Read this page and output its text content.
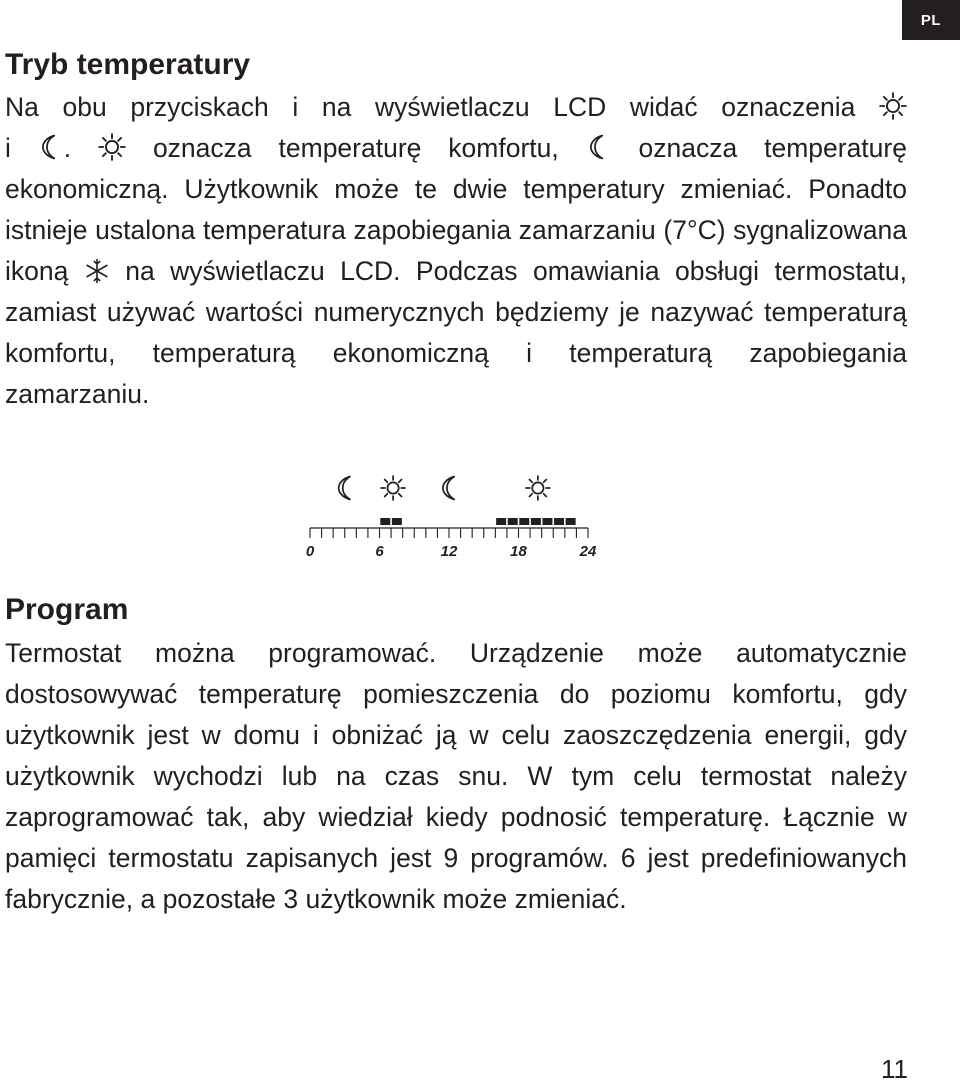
PL
Tryb temperatury
Na obu przyciskach i na wyświetlaczu LCD widać oznaczenia
i .	oznacza temperaturę komfortu,	oznacza temperaturę
ekonomiczną. Użytkownik może te dwie temperatury zmieniać. Ponadto istnieje ustalona temperatura zapobiegania zamarzaniu (7°C) sygnalizowana ikoną na wyświetlaczu LCD. Podczas omawiania obsługi termostatu, zamiast używać wartości numerycznych będziemy je nazywać temperaturą komfortu, temperaturą ekonomiczną i temperaturą zapobiegania zamarzaniu.
0	6	12	18	24
Program

Termostat można programować. Urządzenie może automatycznie dostosowywać temperaturę pomieszczenia do poziomu komfortu, gdy użytkownik jest w domu i obniżać ją w celu zaoszczędzenia energii, gdy użytkownik wychodzi lub na czas snu. W tym celu termostat należy zaprogramować tak, aby wiedział kiedy podnosić temperaturę. Łącznie w pamięci termostatu zapisanych jest 9 programów. 6 jest predefiniowanych fabrycznie, a pozostałe 3 użytkownik może zmieniać.

11
